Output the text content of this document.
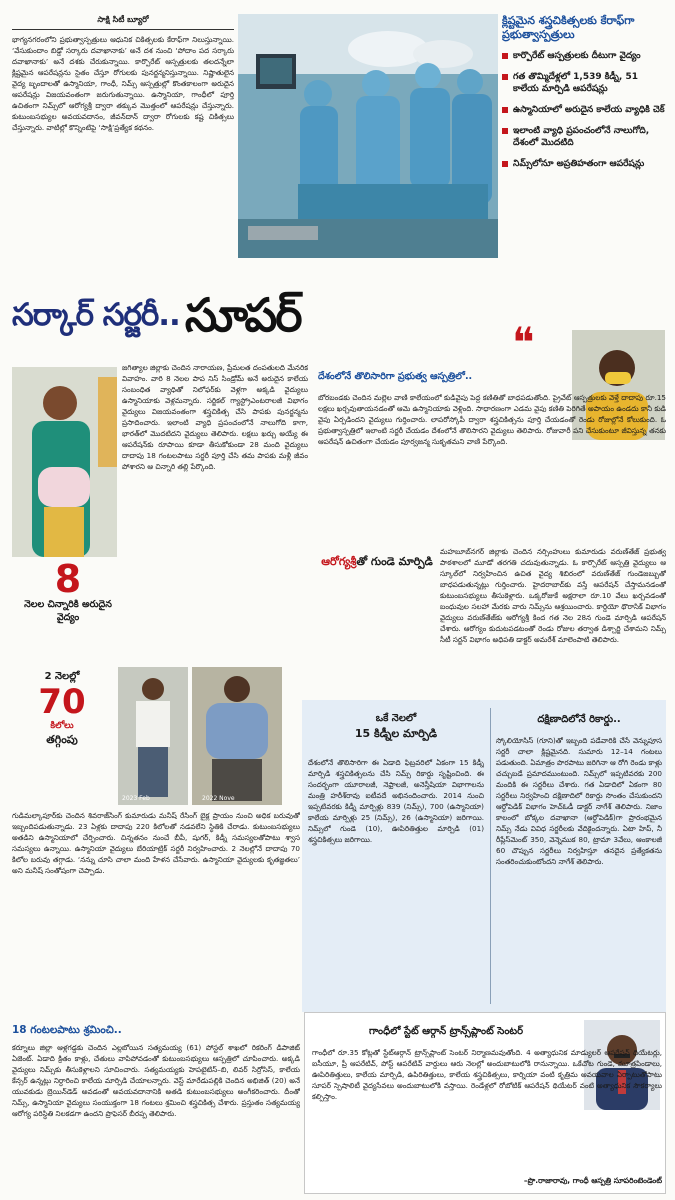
సాక్షి సిటీ బ్యూరో
భాగ్యనగరంలోని ప్రభుత్వాస్పత్రులు ఆధునిక చికిత్సలకు కేరాఫ్‌గా నిలుస్తున్నాయి. ‘వేసుకుందాం బిడ్డో సర్కారు దవాఖానాకు’ అనే దశ నుంచి ‘పోదాం పద సర్కారు దవాఖానాకు’ అనే దశకు చేరుకున్నాయి. కార్పొరేట్‌ ఆస్పత్రులకు తలదన్నేలా క్లిష్టమైన ఆపరేషన్లను సైతం చేస్తూ రోగులకు పునర్జన్మనిస్తున్నాయి. నిష్ణాతులైన వైద్య బృందాలతో ఉస్మానియా, గాంధీ, నిమ్స్‌ ఆస్పత్రుల్లో కొంతకాలంగా అరుదైన ఆపరేషన్లు విజయవంతంగా జరుగుతున్నాయి. ఉస్మానియా, గాంధీలో పూర్తి ఉచితంగా నిమ్స్‌లో ఆరోగ్యశ్రీ ద్వారా తక్కువ మొత్తంలో ఆపరేషన్లు చేస్తున్నారు. కుటుంబసభ్యుల అవయవదానం, జీవన్‌దాన్‌ ద్వారా రోగులకు కష్ట చికిత్సలు చేస్తున్నారు. వాటిల్లో కొన్నింటిపై ‘సాక్షి’ప్రత్యేక కథనం.
క్లిష్టమైన శస్త్రచికిత్సలకు కేరాఫ్‌గా ప్రభుత్వాస్పత్రులు
కార్పొరేట్‌ ఆస్పత్రులకు దీటుగా వైద్యం
గత తొమ్మిదేళ్లలో 1,539 కిడ్నీ, 51 కాలేయ మార్పిడి ఆపరేషన్లు
ఉస్మానియాలో అరుదైన కాలేయ వ్యాధికి చెక్‌
ఇలాంటి వ్యాధి ప్రపంచంలోనే నాలుగోది, దేశంలో మొదటిది
నిమ్స్‌లోనూ అప్రతిహతంగా ఆపరేషన్లు
సర్కార్ సర్జరీ.. సూపర్
8
నెలల చిన్నారికి అరుదైన వైద్యం
జగిత్యాల జిల్లాకు చెందిన నారాయణ, ప్రేమలత దంపతులది మేనరిక వివాహం. వారి 8 నెలల పాప నిస్‌ సిండ్రోమ్‌ అనే అరుదైన కాలేయ సంబంధిత వ్యాధితో నిలోఫర్‌కు వెళ్లగా అక్కడి వైద్యులు ఉస్మానియాకు వెళ్లమన్నారు. సర్జికల్‌ గ్యాస్ట్రోఎంటరాలజీ విభాగం వైద్యులు విజయవంతంగా శస్త్రచికిత్స చేసి పాపకు పునర్జన్మను ప్రసాదించారు. ఇలాంటి వ్యాధి ప్రపంచంలోనే నాలుగోది కాగా, భారత్‌లో మొదటిదని వైద్యులు తెలిపారు. లక్షలు ఖర్చు అయ్యే ఈ ఆపరేషన్‌కు రూపాయి కూడా తీసుకోకుండా 28 మంది వైద్యులు దాదాపు 18 గంటలపాటు సర్జరీ పూర్తి చేసి తమ పాపకు మళ్లీ జీవం పోశారని ఆ చిన్నారి తల్లి పేర్కొంది.
❝
దేశంలోనే తొలిసారిగా ప్రభుత్వ ఆస్పత్రిలో..
బోరబండకు చెందిన మల్లెల వాణి కాలేయంలో కుడివైపు పెద్ద కణితితో బాధపడుతోంది. ప్రైవేట్‌ ఆస్పత్రులకు వెళ్తే దాదాపు రూ.15 లక్షలు ఖర్చవుతాయనడంతో ఆమె ఉస్మానియాకు వెళ్లింది. సాధారణంగా ఎడమ వైపు కణితి పెరిగితే అపాయం ఉండదు కానీ కుడి వైపు ఏర్పడిందని వైద్యులు గుర్తించారు. లాపరోస్కోపీ ద్వారా శస్త్రచికిత్సను పూర్తి చేయడంతో రెండు రోజుల్లోనే కోలుకుంది. ఓ ప్రభుత్వాస్పత్రిలో ఇలాంటి సర్జరీ చేయడం దేశంలోనే తొలిసారని వైద్యులు తెలిపారు. రోజువారీ పని చేసుకుంటూ జీవిస్తున్న తనకు ఆపరేషన్‌ ఉచితంగా చేయడం పూర్వజన్మ సుకృతమని వాణి పేర్కొంది.
ఆరోగ్యశ్రీతో గుండె మార్పిడి
మహబూబ్‌నగర్‌ జిల్లాకు చెందిన నర్సింహులు కుమారుడు వరుణ్‌తేజ్‌ ప్రభుత్వ పాఠశాలలో మూడో తరగతి చదువుతున్నాడు. ఓ కార్పొరేట్‌ ఆస్పత్రి వైద్యులు ఆ స్కూల్‌లో నిర్వహించిన ఉచిత వైద్య శిబిరంలో వరుణ్‌తేజ్‌ గుండెజబ్బుతో బాధపడుతున్నట్లు గుర్తించారు. హైదరాబాద్‌కు వస్తే ఆపరేషన్‌ చేస్తామనడంతో కుటుంబసభ్యులు తీసుకెళ్లారు. ఒక్కరోజుకే అక్షరాలా రూ.10 వేలు ఖర్చవడంతో బంధువుల సలహా మేరకు వారు నిమ్స్‌ను ఆశ్రయించారు. కార్డియో థొరాసిక్‌ విభాగం వైద్యులు వరుణ్‌తేజ్‌కు ఆరోగ్యశ్రీ కింద గత నెల 28న గుండె మార్పిడి ఆపరేషన్‌ చేశారు. ఆరోగ్యం కుదుటపడటంతో రెండు రోజుల తర్వాత డిశ్చార్జి చేశామని నిమ్స్‌ సీటీ సర్జన్‌ విభాగం అధిపతి డాక్టర్‌ అమరేశ్‌ మాలెంపాటి తెలిపారు.
2 నెలల్లో
70
కిలోలు
తగ్గింపు
2023 Feb	2022 Nove
గుడిమల్కాపూర్‌కు చెందిన శివరాజ్‌సింగ్‌ కుమారుడు మనీష్‌ రేసింగ్‌ బైక్ల ప్రాయం నుంచి అధిక బరువుతో ఇబ్బందిపడుతున్నాడు. 23 ఏళ్లకు దాదాపు 220 కిలోలతో నడవలేని స్థితికి చేరాడు. కుటుంబసభ్యులు అతడిని ఉస్మానియాలో చేర్పించారు. చిన్నతనం నుంచే బీపీ, షుగర్‌, కిడ్నీ సమస్యలతోపాటు శ్వాస సమస్యలు ఉన్నాయి. ఉస్మానియా వైద్యులు బేరియాట్రిక్‌ సర్జరీ నిర్వహించారు. 2 నెలల్లోనే దాదాపు 70 కిలోల బరువు తగ్గాడు. ‘నన్ను చూసి చాలా మంది హేళన చేసేవారు. ఉస్మానియా వైద్యులకు కృతజ్ఞతలు’ అని మనీష్‌ సంతోషంగా చెప్పాడు.
ఒకే నెలలో
15 కిడ్నీల మార్పిడి
దేశంలోనే తొలిసారిగా ఈ ఏడాది ఫిబ్రవరిలో ఏకంగా 15 కిడ్నీ మార్పిడి శస్త్రచికిత్సలను చేసి నిమ్స్‌ రికార్డు సృష్టించింది. ఈ సందర్భంగా యూరాలజీ, నెఫ్రాలజీ, అనెస్తీషియా విభాగాలను మంత్రి హరీశ్‌రావు ఐటీవదే అభినందించారు. 2014 నుంచి ఇప్పటివరకు కిడ్నీ మార్పిళ్లు 839 (నిమ్స్‌), 700 (ఉస్మానియా) కాలేయ మార్పిళ్లు 25 (నిమ్స్‌), 26 (ఉస్మానియా) జరిగాయి. నిమ్స్‌లో గుండె (10), ఊపిరితిత్తుల మార్పిడి (01) శస్త్రచికిత్సలు జరిగాయి.
దక్షిణాదిలోనే రికార్డు..
స్కోలియోసిస్‌ (గూని)తో ఇబ్బంది పడేవారికి చేసే వెన్నుపూస సర్జరీ చాలా క్లిష్టమైనది. సుమారు 12–14 గంటలు పడుతుంది. ఏమాత్రం పొరపాటు జరిగినా ఆ రోగి రెండు కాళ్లు చచ్చుబడే ప్రమాదముంటుంది. నిమ్స్‌లో ఇప్పటివరకు 200 మందికి ఈ సర్జరీలు చేశారు. గత ఏడాదిలో ఏకంగా 80 సర్జరీలు నిర్వహించి దక్షిణాదిలో రికార్డు సొంతం చేసుకుందని ఆర్థోపెడిక్‌ విభాగం హెచ్‌ఓడీ డాక్టర్‌ నాగేశ్‌ తెలిపారు. నిజాం కాలంలో బోక్కల దవాఖానా (ఆర్థోపెడిక్‌)గా ప్రారంభమైన నిమ్స్‌ నేడు వివిధ సర్జరీలకు వేదికైందన్నారు. ఏటా హిప్‌, నీ రీప్లేస్‌మెంట్‌ 350, వెన్నెముక 80, ట్రామా 3వేలు, ఆంకాలజీ 60 చొప్పున సర్జరీలు నిర్వహిస్తూ తనదైన ప్రత్యేకతను సంతరించుకుంటోందని నాగేశ్‌ తెలిపారు.
18 గంటలపాటు శ్రమించి..
కర్నూలు జిల్లా ఆళ్లగడ్డకు చెందిన ఎల్లబోయిన సత్యమయ్య (61) పోస్టల్‌ శాఖలో రికరింగ్‌ డిపాజిట్‌ ఏజెంట్‌. ఏడాది క్రితం కాళ్లు, చేతులు వాపిపోవడంతో కుటుంబసభ్యులు ఆస్పత్రిలో చూపించారు. అక్కడి వైద్యులు నిమ్స్‌కు తీసుకెళ్లాలని సూచించారు. సత్యమయ్యకు హెపటైటిస్‌–బి, లివర్‌ సిర్రోసిస్‌, కాలేయ కేన్సర్‌ ఉన్నట్లు నిర్ధారించి కాలేయ మార్పిడి చేయాలన్నారు. వెస్ట్‌ మారేడుపల్లికి చెందిన అభిజిత్‌ (20) అనే యువకుడు బ్రెయిన్‌డెడ్‌ అవడంతో అవయవదానానికి అతడి కుటుంబసభ్యులు అంగీకరించారు. దీంతో నిమ్స్‌, ఉస్మానియా వైద్యులు సంయుక్తంగా 18 గంటలు శ్రమించి శస్త్రచికిత్స చేశారు. ప్రస్తుతం సత్యమయ్య ఆరోగ్య పరిస్థితి నిలకడగా ఉందని ప్రొఫెసర్‌ బీరప్ప తెలిపారు.
గాంధీలో స్టేట్‌ ఆర్గాన్‌ ట్రాన్స్‌ప్లాంట్‌ సెంటర్‌
గాంధీలో రూ.35 కోట్లతో స్టేట్‌ఆర్గాన్‌ ట్రాన్స్‌ప్లాంట్‌ సెంటర్‌ నిర్మాణమవుతోంది. 4 అత్యాధునిక మాడ్యులర్‌ ఆపరేషన్‌ థియేటర్లు, ఐసీయూ, ప్రీ ఆపరేటివ్‌, పోస్ట్‌ ఆపరేటివ్‌ వార్డులు ఆరు నెలల్లో అందుబాటులోకి రానున్నాయి. ఒకేచోట గుండె, మూత్రపిండాలు, ఊపిరితిత్తులు, కాలేయ మార్పిడి, ఉపిరితిత్తులు, కాలేయ శస్త్రచికిత్సలు, కార్నియా వంటి కృత్రిమ అవయవాల ఏర్పాటుతోపాటు సూపర్‌ స్పెషాలిటీ వైద్యసేవలు అందుబాటులోకి వస్తాయి. రెండేళ్లలో రోబోటిక్‌ ఆపరేషన్‌ థియేటర్‌ వంటి అత్యాధునిక సౌకర్యాలు కల్పిస్తాం.
–ప్రొ.రాజారావు, గాంధీ ఆస్పత్రి సూపరింటెండెంట్‌
